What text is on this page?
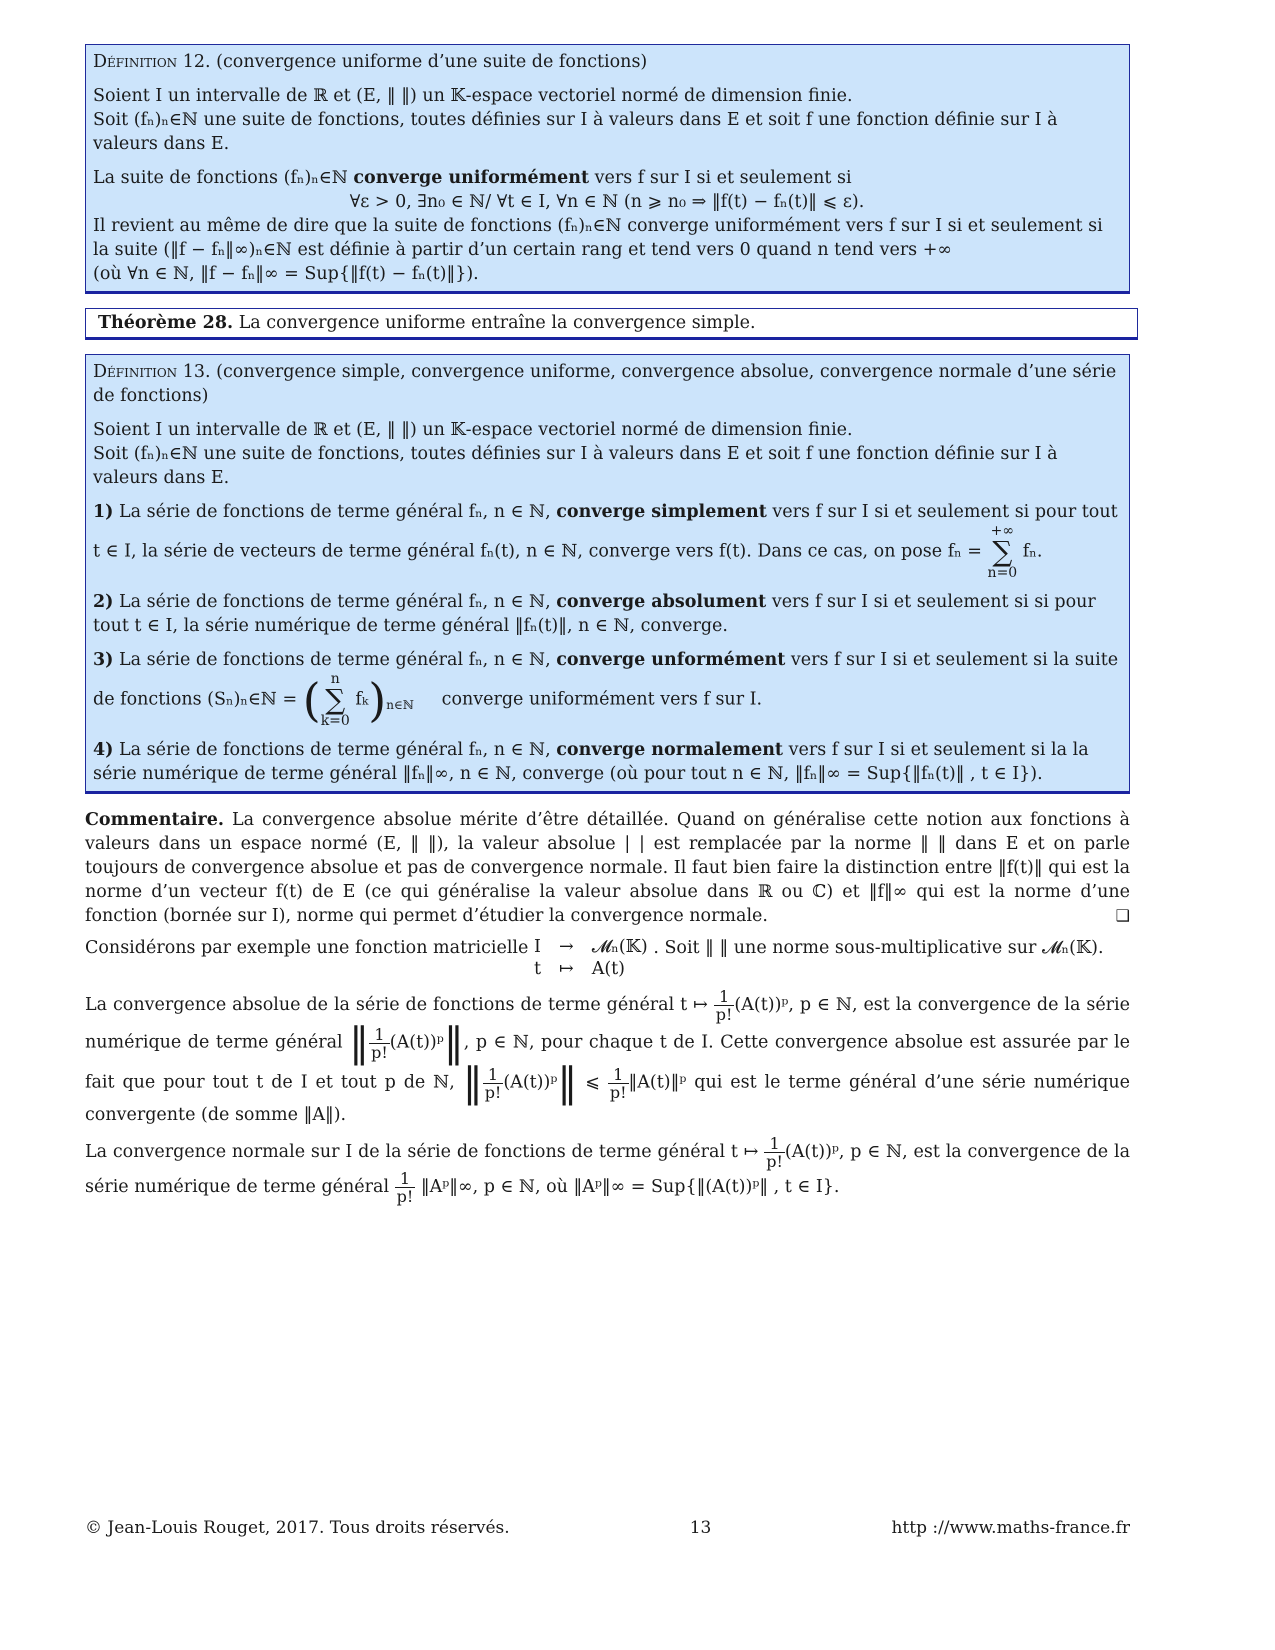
Définition 12. (convergence uniforme d’une suite de fonctions)

Soient I un intervalle de ℝ et (E, ‖ ‖) un 𝕂-espace vectoriel normé de dimension finie.

Soit (fₙ)ₙ∈ℕ une suite de fonctions, toutes définies sur I à valeurs dans E et soit f une fonction définie sur I à valeurs dans E.

La suite de fonctions (fₙ)ₙ∈ℕ converge uniformément vers f sur I si et seulement si

∀ε > 0, ∃n₀ ∈ ℕ/ ∀t ∈ I, ∀n ∈ ℕ (n ⩾ n₀ ⇒ ‖f(t) − fₙ(t)‖ ⩽ ε).

Il revient au même de dire que la suite de fonctions (fₙ)ₙ∈ℕ converge uniformément vers f sur I si et seulement si la suite (‖f − fₙ‖∞)ₙ∈ℕ est définie à partir d’un certain rang et tend vers 0 quand n tend vers +∞

(où ∀n ∈ ℕ, ‖f − fₙ‖∞ = Sup{‖f(t) − fₙ(t)‖}).

Théorème 28. La convergence uniforme entraîne la convergence simple.

Définition 13. (convergence simple, convergence uniforme, convergence absolue, convergence normale d’une série de fonctions)

Soient I un intervalle de ℝ et (E, ‖ ‖) un 𝕂-espace vectoriel normé de dimension finie.

Soit (fₙ)ₙ∈ℕ une suite de fonctions, toutes définies sur I à valeurs dans E et soit f une fonction définie sur I à valeurs dans E.

1) La série de fonctions de terme général fₙ, n ∈ ℕ, converge simplement vers f sur I si et seulement si pour tout t ∈ I, la série de vecteurs de terme général fₙ(t), n ∈ ℕ, converge vers f(t). Dans ce cas, on pose fₙ = +∞
∑
n=0 fₙ.

2) La série de fonctions de terme général fₙ, n ∈ ℕ, converge absolument vers f sur I si et seulement si si pour tout t ∈ I, la série numérique de terme général ‖fₙ(t)‖, n ∈ ℕ, converge.

3) La série de fonctions de terme général fₙ, n ∈ ℕ, converge unformément vers f sur I si et seulement si la suite

de fonctions (Sₙ)ₙ∈ℕ = ( n
∑
k=0 $f_k)_{n\in ℕ}$ converge uniformément vers f sur I.

4) La série de fonctions de terme général fₙ, n ∈ ℕ, converge normalement vers f sur I si et seulement si la la série numérique de terme général ‖fₙ‖∞, n ∈ ℕ, converge (où pour tout n ∈ ℕ, ‖fₙ‖∞ = Sup{‖fₙ(t)‖ , t ∈ I}).

Commentaire. La convergence absolue mérite d’être détaillée. Quand on généralise cette notion aux fonctions à valeurs dans un espace normé (E, ‖ ‖), la valeur absolue | | est remplacée par la norme ‖ ‖ dans E et on parle toujours de convergence absolue et pas de convergence normale. Il faut bien faire la distinction entre ‖f(t)‖ qui est la norme d’un vecteur f(t) de E (ce qui généralise la valeur absolue dans ℝ ou ℂ) et ‖f‖∞ qui est la norme d’une fonction (bornée sur I), norme qui permet d’étudier la convergence normale.	❑

Considérons par exemple une fonction matricielle I → 𝓜ₙ(𝕂)
t ↦ A(t)
. Soit ‖ ‖ une norme sous-multiplicative sur 𝓜ₙ(𝕂).

La convergence absolue de la série de fonctions de terme général t ↦ $\frac{1}{p!}$ (A(t))ᵖ, p ∈ ℕ, est la convergence de la série numérique de terme général ‖ $\frac{1}{p!}$ (A(t))ᵖ‖, p ∈ ℕ, pour chaque t de I. Cette convergence absolue est assurée par le fait que pour tout t de I et tout p de ℕ, ‖ $\frac{1}{p!}$ (A(t))ᵖ‖ ⩽ $\frac{1}{p!}$ ‖A(t)‖ᵖ qui est le terme général d’une série numérique convergente (de somme ‖A‖).

La convergence normale sur I de la série de fonctions de terme général t ↦ $\frac{1}{p!}$ (A(t))ᵖ, p ∈ ℕ, est la convergence de la série numérique de terme général $\frac{1}{p!}$ ‖Aᵖ‖∞, p ∈ ℕ, où ‖Aᵖ‖∞ = Sup{‖(A(t))ᵖ‖ , t ∈ I}.

© Jean-Louis Rouget, 2017. Tous droits réservés.	13	http ://www.maths-france.fr
